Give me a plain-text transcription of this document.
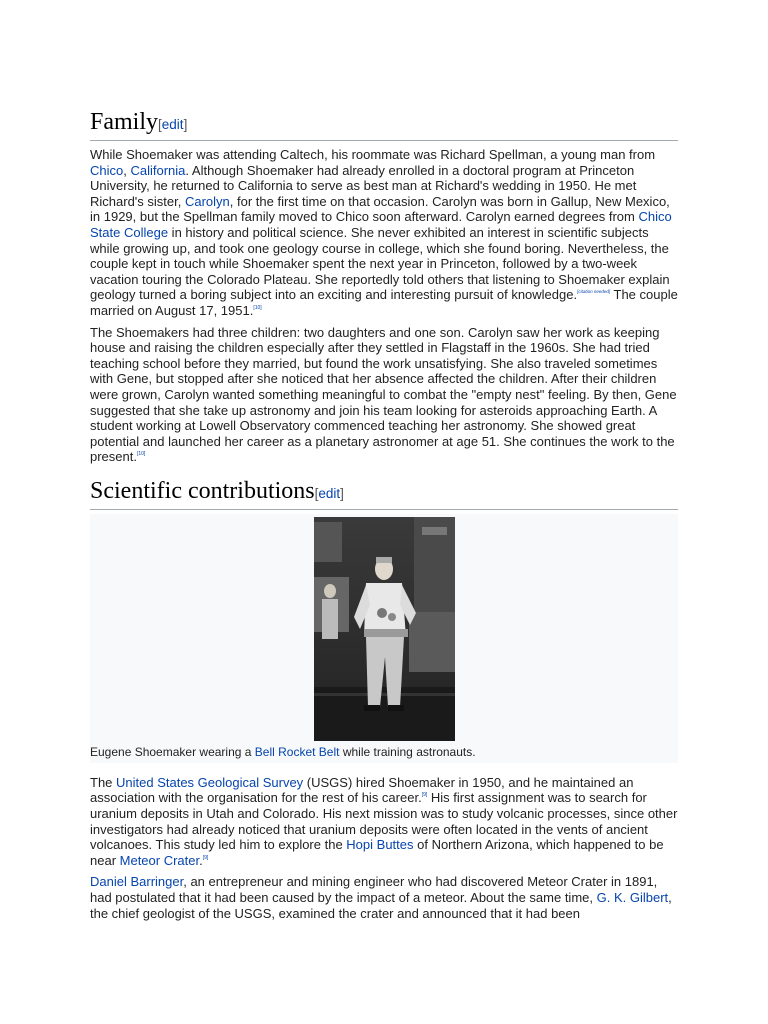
Family[edit]

While Shoemaker was attending Caltech, his roommate was Richard Spellman, a young man from Chico, California. Although Shoemaker had already enrolled in a doctoral program at Princeton University, he returned to California to serve as best man at Richard's wedding in 1950. He met Richard's sister, Carolyn, for the first time on that occasion. Carolyn was born in Gallup, New Mexico, in 1929, but the Spellman family moved to Chico soon afterward. Carolyn earned degrees from Chico State College in history and political science. She never exhibited an interest in scientific subjects while growing up, and took one geology course in college, which she found boring. Nevertheless, the couple kept in touch while Shoemaker spent the next year in Princeton, followed by a two-week vacation touring the Colorado Plateau. She reportedly told others that listening to Shoemaker explain geology turned a boring subject into an exciting and interesting pursuit of knowledge.[citation needed] The couple married on August 17, 1951.[10]

The Shoemakers had three children: two daughters and one son. Carolyn saw her work as keeping house and raising the children especially after they settled in Flagstaff in the 1960s. She had tried teaching school before they married, but found the work unsatisfying. She also traveled sometimes with Gene, but stopped after she noticed that her absence affected the children. After their children were grown, Carolyn wanted something meaningful to combat the "empty nest" feeling. By then, Gene suggested that she take up astronomy and join his team looking for asteroids approaching Earth. A student working at Lowell Observatory commenced teaching her astronomy. She showed great potential and launched her career as a planetary astronomer at age 51. She continues the work to the present.[10]

Scientific contributions[edit]
Eugene Shoemaker wearing a Bell Rocket Belt while training astronauts.

The United States Geological Survey (USGS) hired Shoemaker in 1950, and he maintained an association with the organisation for the rest of his career.[9] His first assignment was to search for uranium deposits in Utah and Colorado. His next mission was to study volcanic processes, since other investigators had already noticed that uranium deposits were often located in the vents of ancient volcanoes. This study led him to explore the Hopi Buttes of Northern Arizona, which happened to be near Meteor Crater.[9]

Daniel Barringer, an entrepreneur and mining engineer who had discovered Meteor Crater in 1891, had postulated that it had been caused by the impact of a meteor. About the same time, G. K. Gilbert, the chief geologist of the USGS, examined the crater and announced that it had been
